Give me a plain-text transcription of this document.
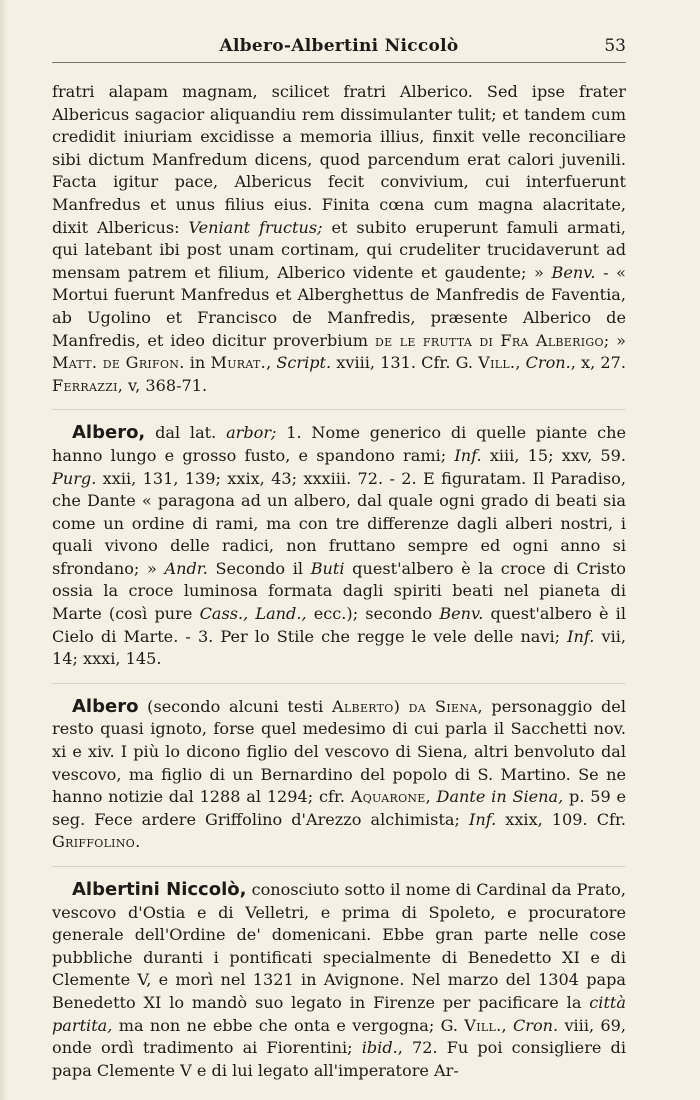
Albero-Albertini Niccolò	53

fratri alapam magnam, scilicet fratri Alberico. Sed ipse frater Albericus sagacior aliquandiu rem dissimulanter tulit; et tandem cum credidit iniuriam excidisse a memoria illius, finxit velle reconciliare sibi dictum Manfredum dicens, quod parcendum erat calori juvenili. Facta igitur pace, Albericus fecit convivium, cui interfuerunt Manfredus et unus filius eius. Finita cœna cum magna alacritate, dixit Albericus: Veniant fructus; et subito eruperunt famuli armati, qui latebant ibi post unam cortinam, qui crudeliter trucidaverunt ad mensam patrem et filium, Alberico vidente et gaudente; » Benv. - « Mortui fuerunt Manfredus et Alberghettus de Manfredis de Faventia, ab Ugolino et Francisco de Manfredis, præsente Alberico de Manfredis, et ideo dicitur proverbium de le frutta di Fra Alberigo; » Matt. de Grifon. in Murat., Script. xviii, 131. Cfr. G. Vill., Cron., x, 27. Ferrazzi, v, 368-71.

Albero, dal lat. arbor; 1. Nome generico di quelle piante che hanno lungo e grosso fusto, e spandono rami; Inf. xiii, 15; xxv, 59. Purg. xxii, 131, 139; xxix, 43; xxxiii. 72. - 2. E figuratam. Il Paradiso, che Dante « paragona ad un albero, dal quale ogni grado di beati sia come un ordine di rami, ma con tre differenze dagli alberi nostri, i quali vivono delle radici, non fruttano sempre ed ogni anno si sfrondano; » Andr. Secondo il Buti quest'albero è la croce di Cristo ossia la croce luminosa formata dagli spiriti beati nel pianeta di Marte (così pure Cass., Land., ecc.); secondo Benv. quest'albero è il Cielo di Marte. - 3. Per lo Stile che regge le vele delle navi; Inf. vii, 14; xxxi, 145.

Albero (secondo alcuni testi Alberto) da Siena, personaggio del resto quasi ignoto, forse quel medesimo di cui parla il Sacchetti nov. xi e xiv. I più lo dicono figlio del vescovo di Siena, altri benvoluto dal vescovo, ma figlio di un Bernardino del popolo di S. Martino. Se ne hanno notizie dal 1288 al 1294; cfr. Aquarone, Dante in Siena, p. 59 e seg. Fece ardere Griffolino d'Arezzo alchimista; Inf. xxix, 109. Cfr. Griffolino.

Albertini Niccolò, conosciuto sotto il nome di Cardinal da Prato, vescovo d'Ostia e di Velletri, e prima di Spoleto, e procuratore generale dell'Ordine de' domenicani. Ebbe gran parte nelle cose pubbliche duranti i pontificati specialmente di Benedetto XI e di Clemente V, e morì nel 1321 in Avignone. Nel marzo del 1304 papa Benedetto XI lo mandò suo legato in Firenze per pacificare la città partita, ma non ne ebbe che onta e vergogna; G. Vill., Cron. viii, 69, onde ordì tradimento ai Fiorentini; ibid., 72. Fu poi consigliere di papa Clemente V e di lui legato all'imperatore Ar-
